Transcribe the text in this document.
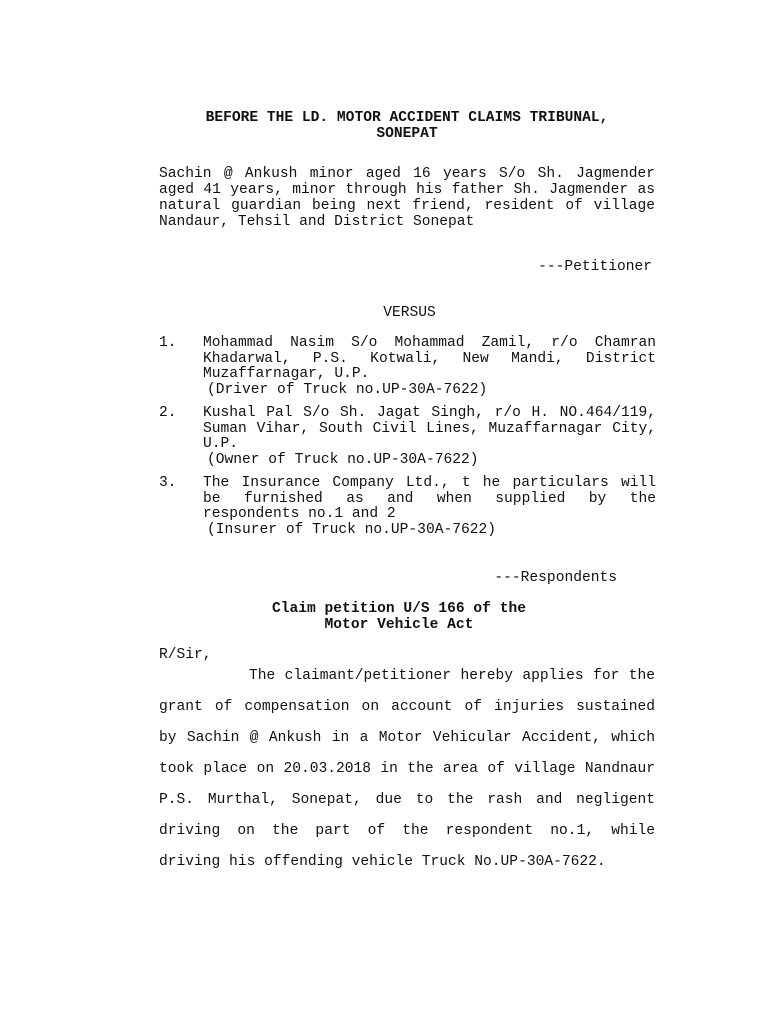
BEFORE THE LD. MOTOR ACCIDENT CLAIMS TRIBUNAL,
SONEPAT
Sachin @ Ankush minor aged 16 years S/o Sh. Jagmender aged 41 years, minor through his father Sh. Jagmender as natural guardian being next friend, resident of village Nandaur, Tehsil and District Sonepat
---Petitioner
VERSUS
1.	Mohammad Nasim S/o Mohammad Zamil, r/o Chamran Khadarwal, P.S. Kotwali, New Mandi, District Muzaffarnagar, U.P.
(Driver of Truck no.UP-30A-7622)
2.	Kushal Pal S/o Sh. Jagat Singh, r/o H. NO.464/119, Suman Vihar, South Civil Lines, Muzaffarnagar City, U.P.
(Owner of Truck no.UP-30A-7622)
3.	The Insurance Company Ltd., t he particulars will be furnished as and when supplied by the respondents no.1 and 2
(Insurer of Truck no.UP-30A-7622)
---Respondents
Claim petition U/S 166 of the
Motor Vehicle Act
R/Sir,
The claimant/petitioner hereby applies for the grant of compensation on account of injuries sustained by Sachin @ Ankush in a Motor Vehicular Accident, which took place on 20.03.2018 in the area of village Nandnaur P.S. Murthal, Sonepat, due to the rash and negligent driving on the part of the respondent no.1, while driving his offending vehicle Truck No.UP-30A-7622.
